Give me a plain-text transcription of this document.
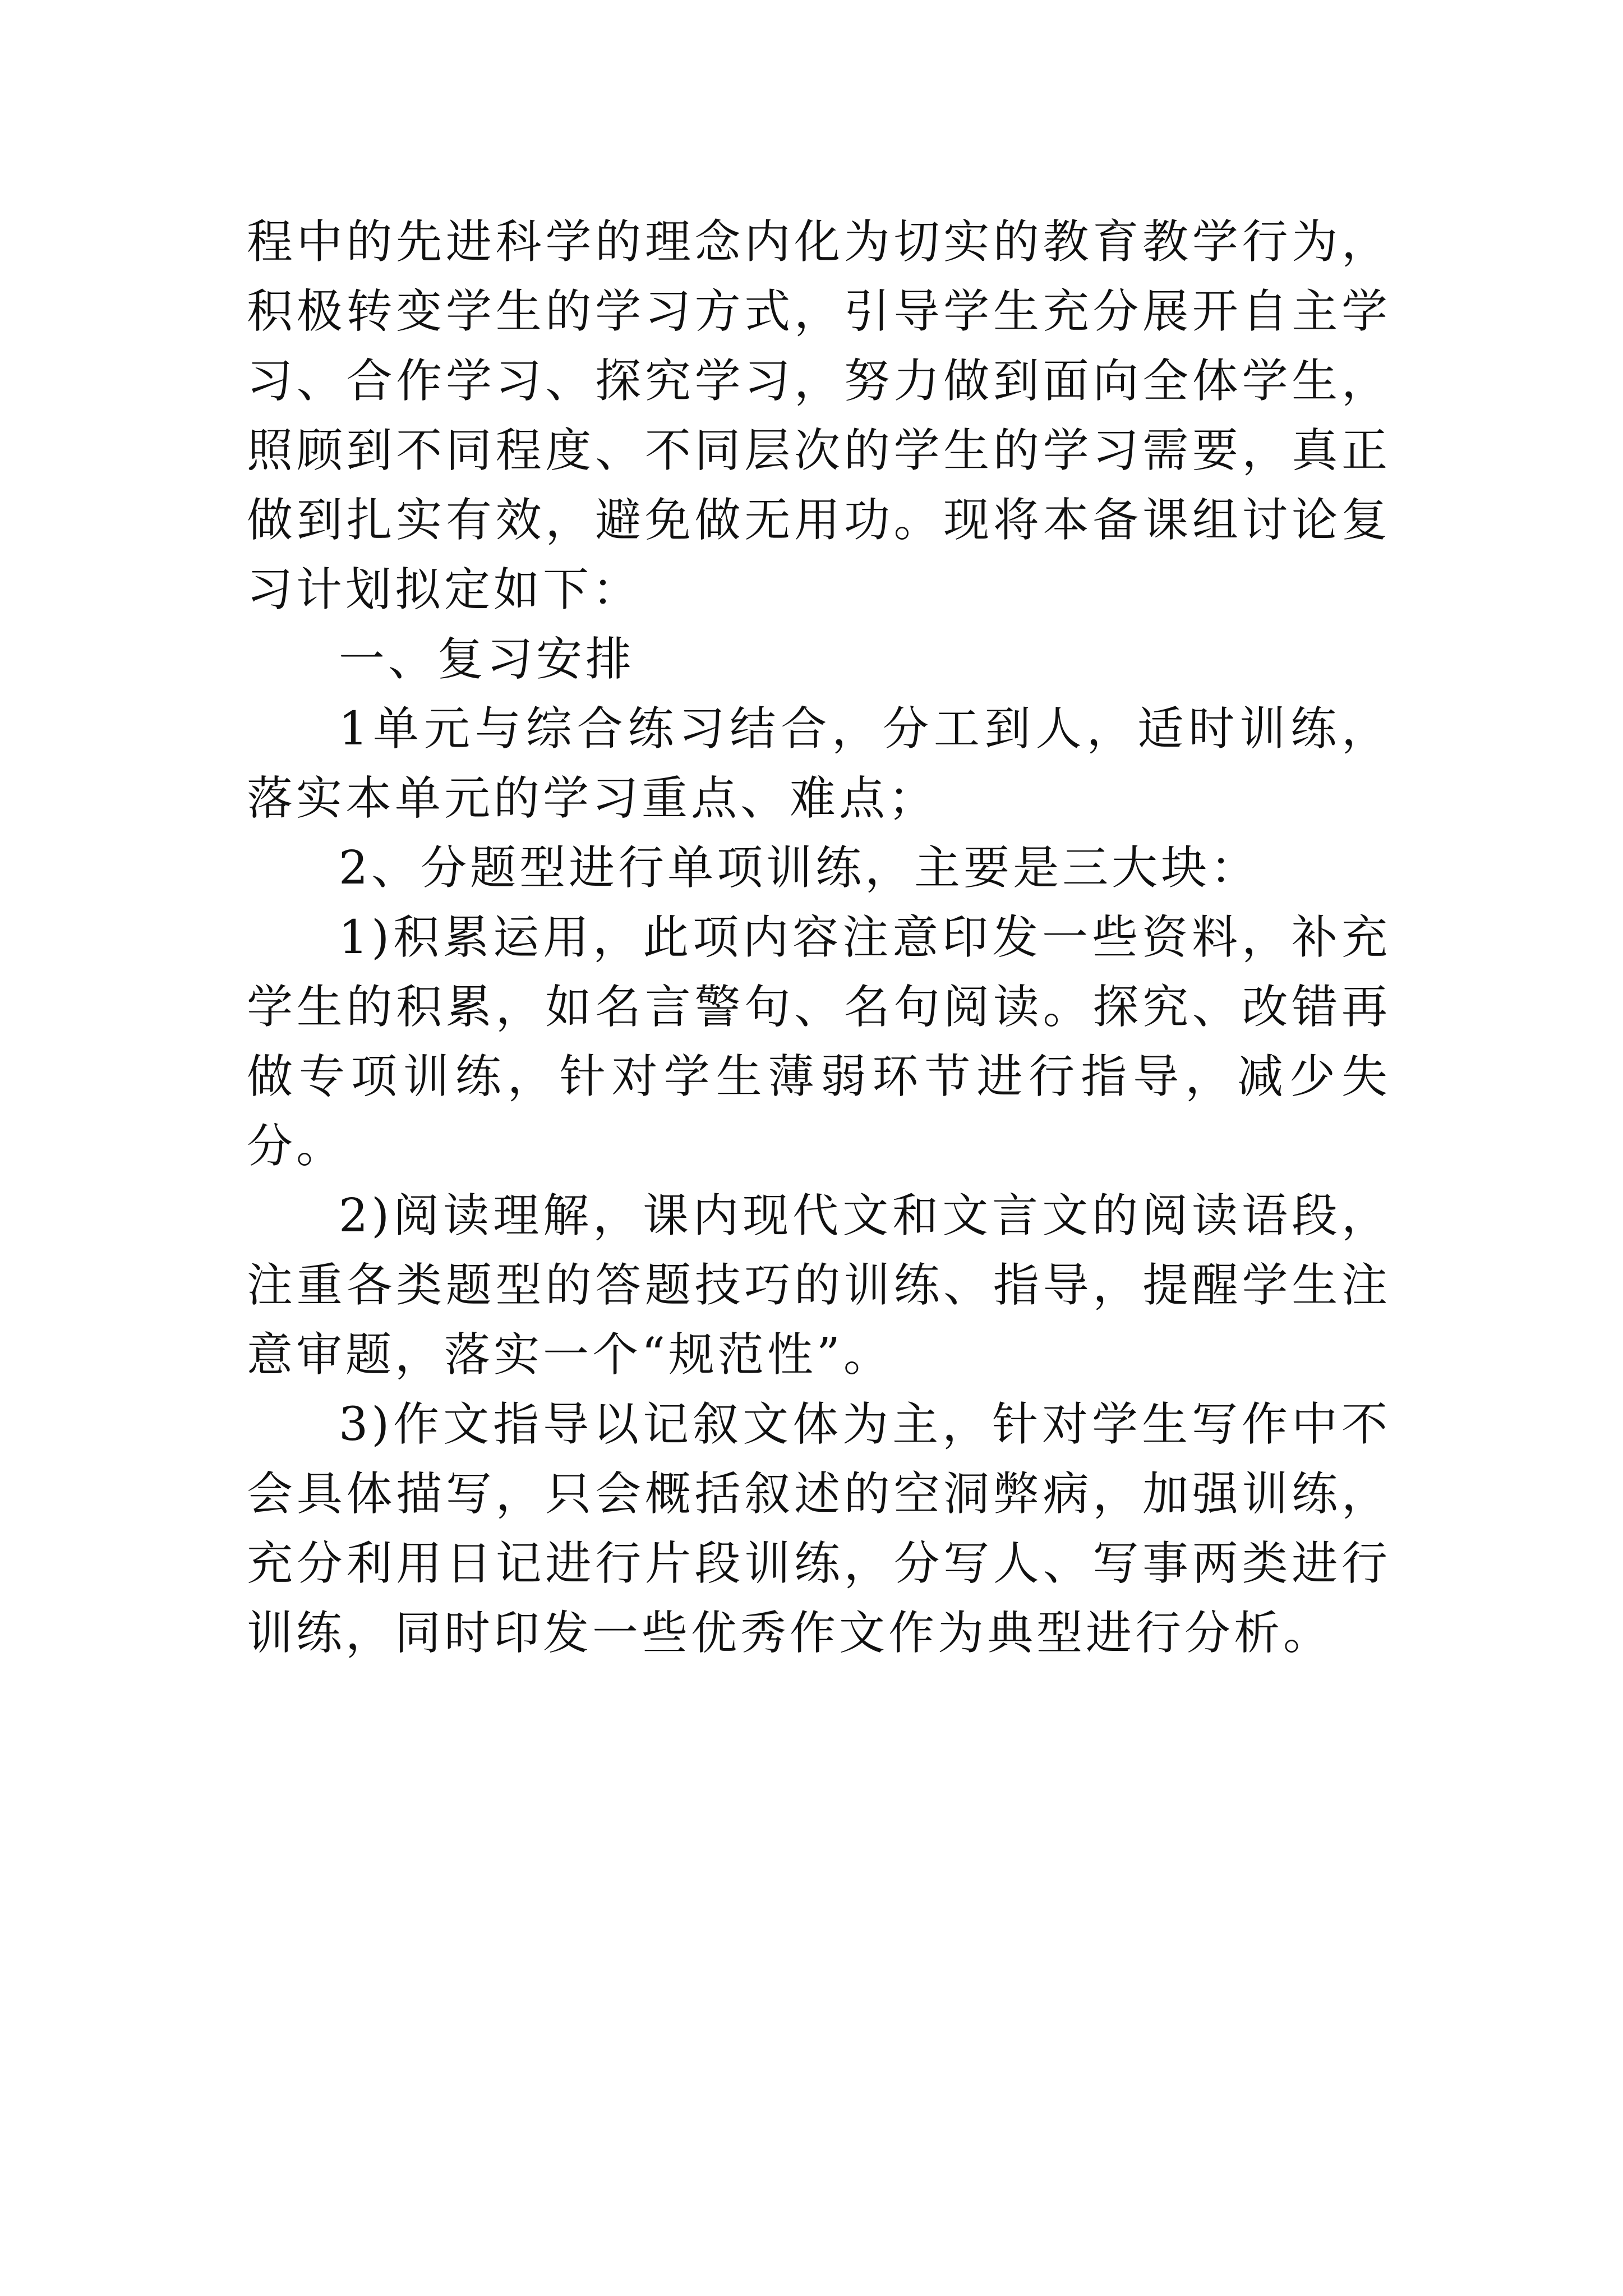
程中的先进科学的理念内化为切实的教育教学行为，积极转变学生的学习方式，引导学生充分展开自主学习、合作学习、探究学习，努力做到面向全体学生，照顾到不同程度、不同层次的学生的学习需要，真正做到扎实有效，避免做无用功。现将本备课组讨论复习计划拟定如下：

一、复习安排

1单元与综合练习结合，分工到人，适时训练，落实本单元的学习重点、难点；

2、分题型进行单项训练，主要是三大块：

1)积累运用，此项内容注意印发一些资料，补充学生的积累，如名言警句、名句阅读。探究、改错再做专项训练，针对学生薄弱环节进行指导，减少失分。

2)阅读理解，课内现代文和文言文的阅读语段，注重各类题型的答题技巧的训练、指导，提醒学生注意审题，落实一个“规范性”。

3)作文指导以记叙文体为主，针对学生写作中不会具体描写，只会概括叙述的空洞弊病，加强训练，充分利用日记进行片段训练，分写人、写事两类进行训练，同时印发一些优秀作文作为典型进行分析。
